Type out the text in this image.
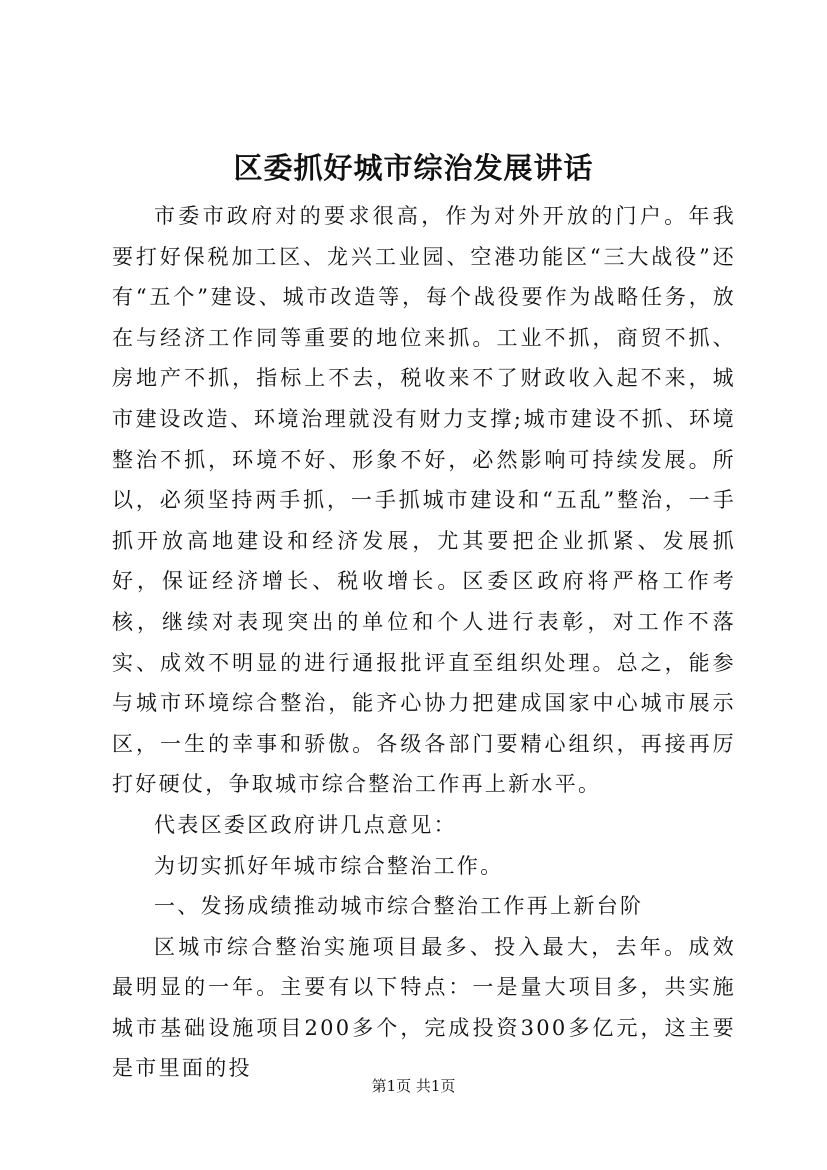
区委抓好城市综治发展讲话

市委市政府对的要求很高，作为对外开放的门户。年我要打好保税加工区、龙兴工业园、空港功能区“三大战役”还有“五个”建设、城市改造等，每个战役要作为战略任务，放在与经济工作同等重要的地位来抓。工业不抓，商贸不抓、房地产不抓，指标上不去，税收来不了财政收入起不来，城市建设改造、环境治理就没有财力支撑;城市建设不抓、环境整治不抓，环境不好、形象不好，必然影响可持续发展。所以，必须坚持两手抓，一手抓城市建设和“五乱”整治，一手抓开放高地建设和经济发展，尤其要把企业抓紧、发展抓好，保证经济增长、税收增长。区委区政府将严格工作考核，继续对表现突出的单位和个人进行表彰，对工作不落实、成效不明显的进行通报批评直至组织处理。总之，能参与城市环境综合整治，能齐心协力把建成国家中心城市展示区，一生的幸事和骄傲。各级各部门要精心组织，再接再厉打好硬仗，争取城市综合整治工作再上新水平。

代表区委区政府讲几点意见：

为切实抓好年城市综合整治工作。

一、发扬成绩推动城市综合整治工作再上新台阶

区城市综合整治实施项目最多、投入最大，去年。成效最明显的一年。主要有以下特点：一是量大项目多，共实施城市基础设施项目200多个，完成投资300多亿元，这主要是市里面的投

第1页 共1页
